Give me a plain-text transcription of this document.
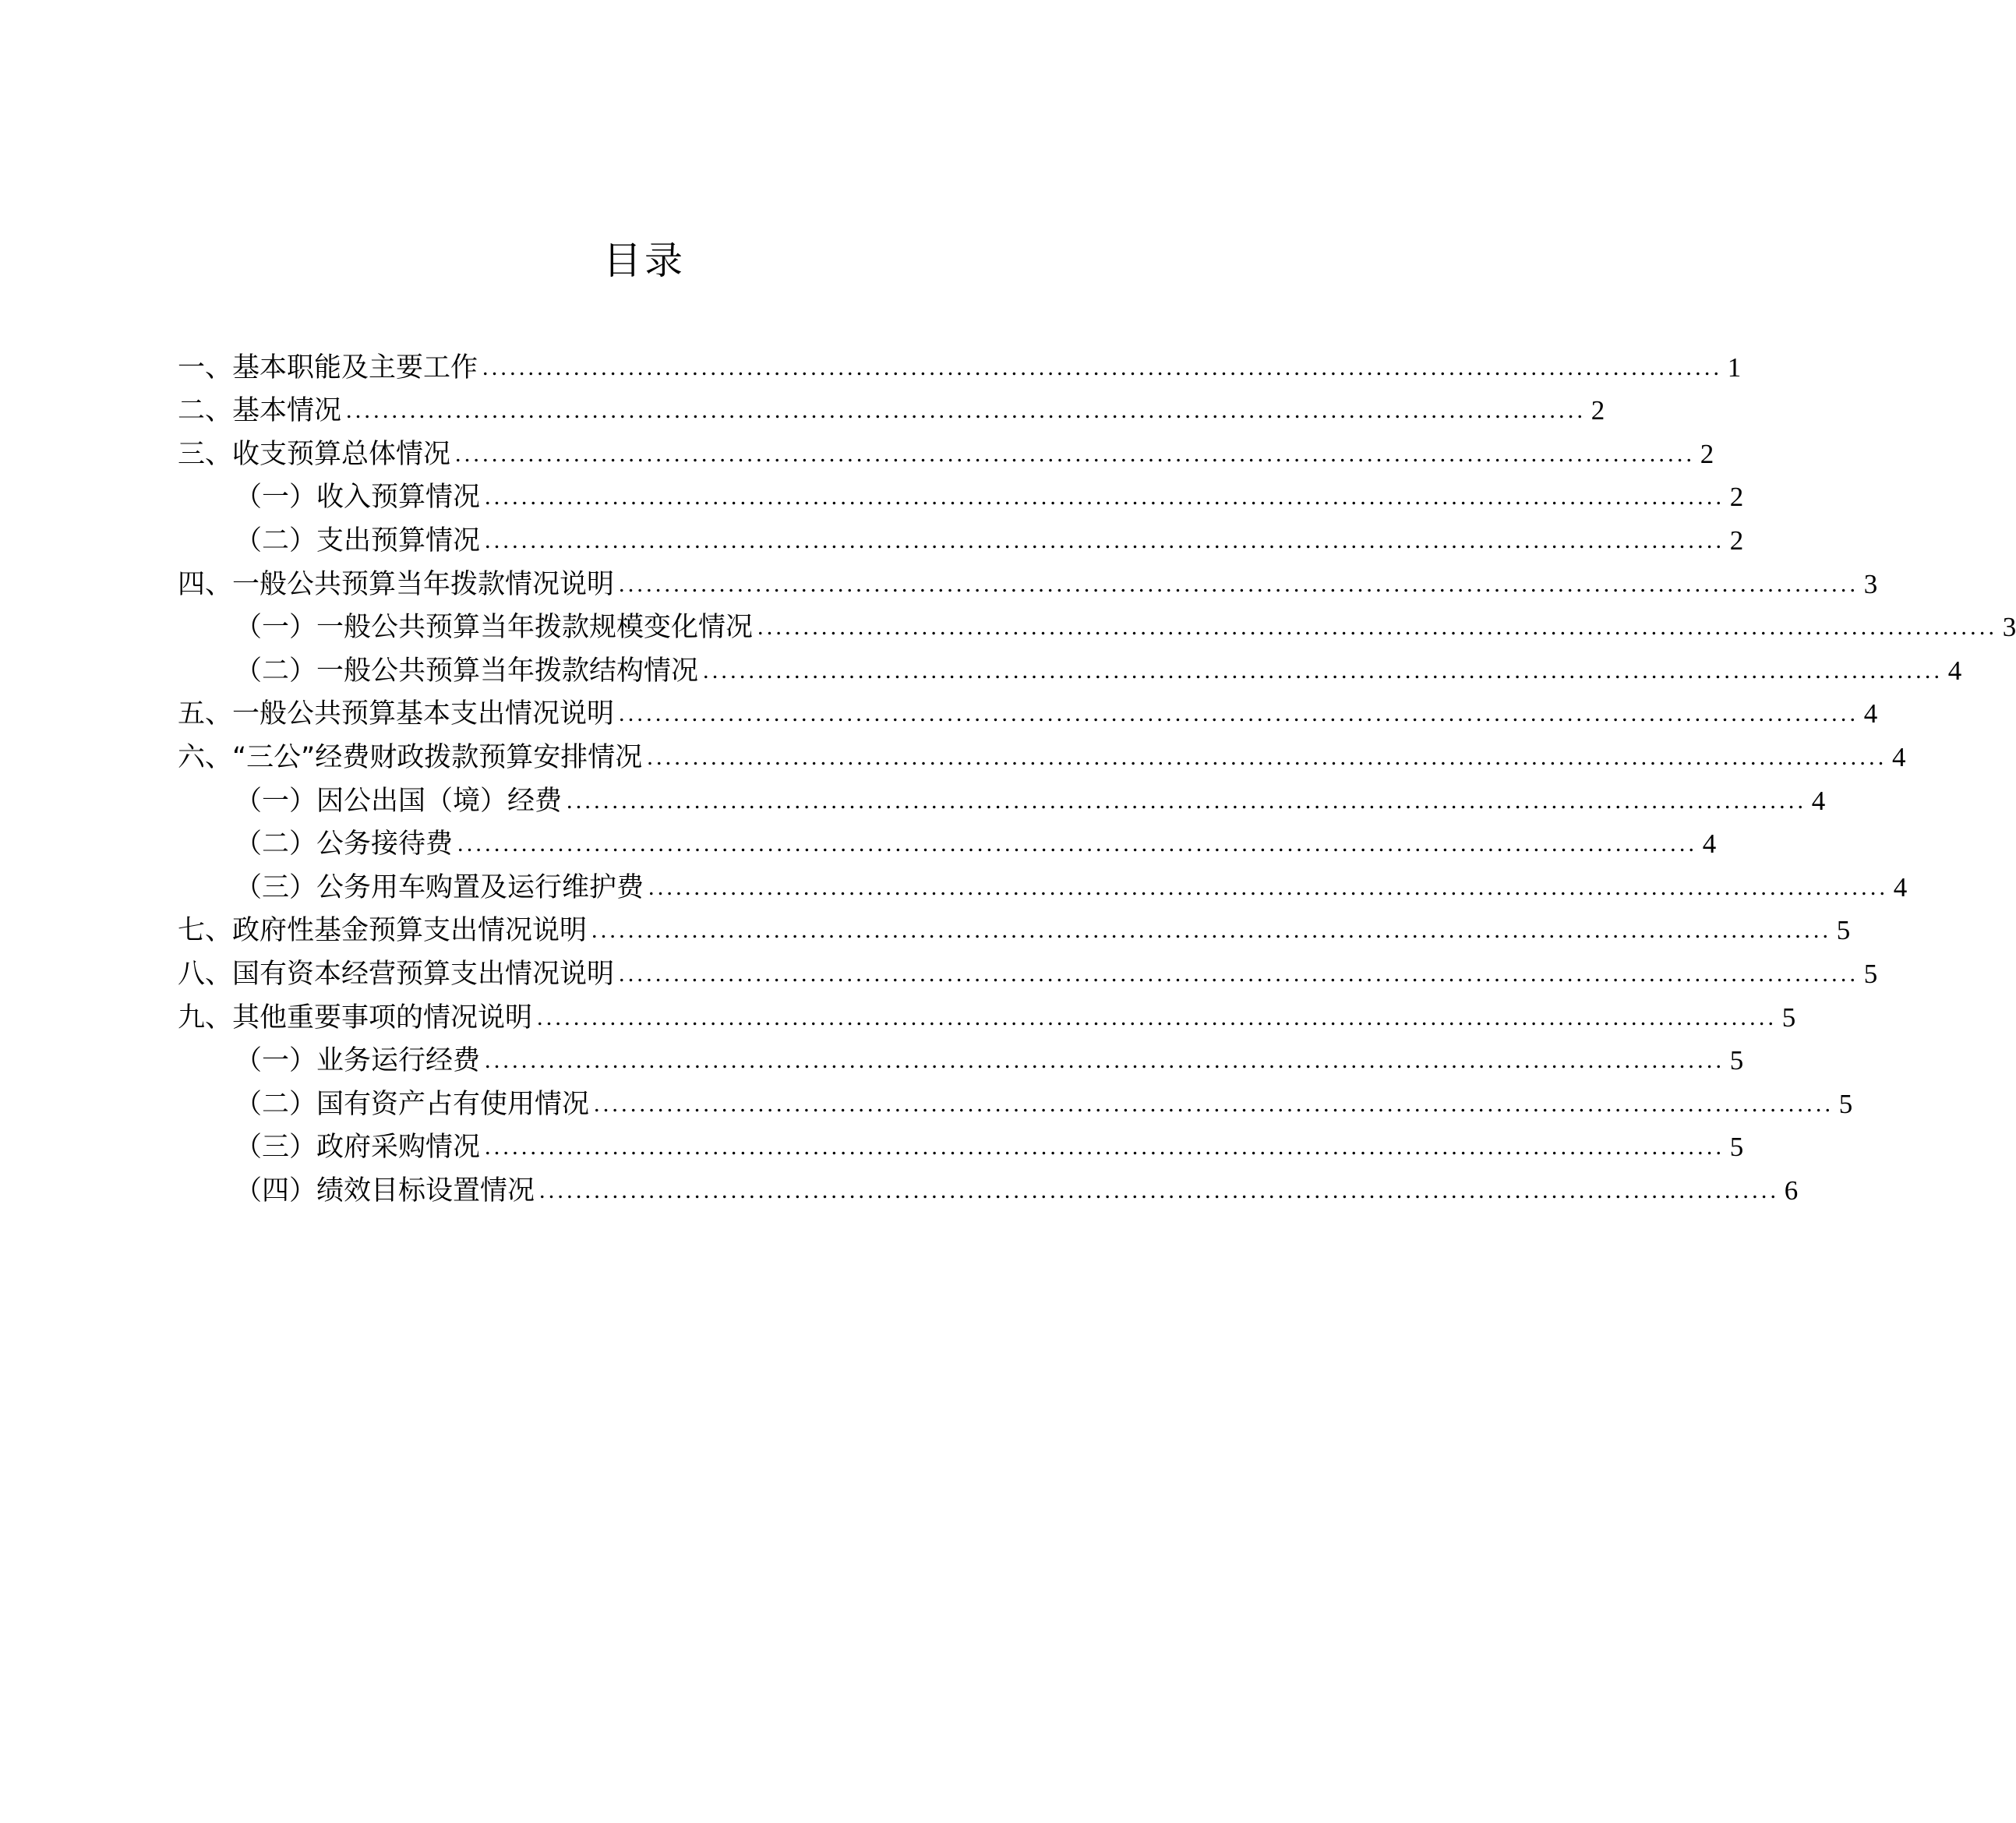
目录
一、基本职能及主要工作 ........................................................................................................................................ 1
二、基本情况 ........................................................................................................................................ 2
三、收支预算总体情况 ........................................................................................................................................ 2
（一）收入预算情况 ........................................................................................................................................ 2
（二）支出预算情况 ........................................................................................................................................ 2
四、一般公共预算当年拨款情况说明 ........................................................................................................................................ 3
（一）一般公共预算当年拨款规模变化情况 ........................................................................................................................................ 3
（二）一般公共预算当年拨款结构情况 ........................................................................................................................................ 4
五、一般公共预算基本支出情况说明 ........................................................................................................................................ 4
六、“三公”经费财政拨款预算安排情况 ........................................................................................................................................ 4
（一）因公出国（境）经费 ........................................................................................................................................ 4
（二）公务接待费 ........................................................................................................................................ 4
（三）公务用车购置及运行维护费 ........................................................................................................................................ 4
七、政府性基金预算支出情况说明 ........................................................................................................................................ 5
八、国有资本经营预算支出情况说明 ........................................................................................................................................ 5
九、其他重要事项的情况说明 ........................................................................................................................................ 5
（一）业务运行经费 ........................................................................................................................................ 5
（二）国有资产占有使用情况 ........................................................................................................................................ 5
（三）政府采购情况 ........................................................................................................................................ 5
（四）绩效目标设置情况 ........................................................................................................................................ 6
